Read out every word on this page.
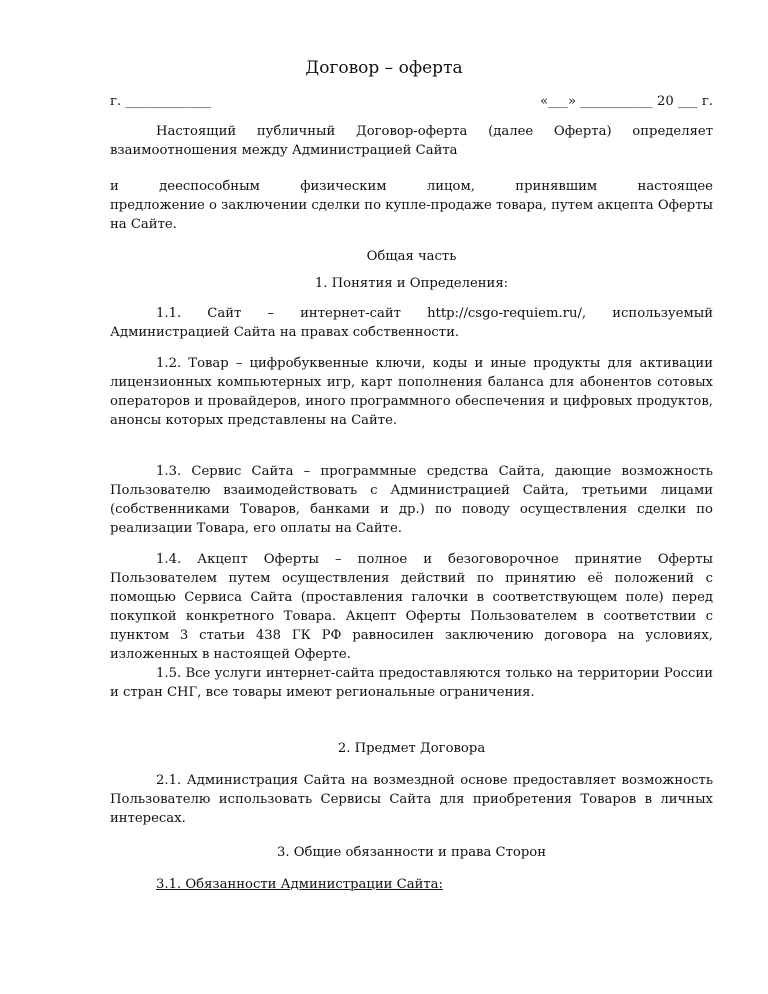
Договор – оферта
г. _____________	«___» ___________ 20 ___ г.

Настоящий публичный Договор-оферта (далее Оферта) определяет взаимоотношения между Администрацией Сайта

и дееспособным физическим лицом, принявшим настоящее

предложение о заключении сделки по купле-продаже товара, путем акцепта Оферты на Сайте.

Общая часть

1. Понятия и Определения:

1.1. Сайт – интернет-сайт http://csgo-requiem.ru/, используемый Администрацией Сайта на правах собственности.

1.2. Товар – цифробуквенные ключи, коды и иные продукты для активации лицензионных компьютерных игр, карт пополнения баланса для абонентов сотовых операторов и провайдеров, иного программного обеспечения и цифровых продуктов, анонсы которых представлены на Сайте.

1.3. Сервис Сайта – программные средства Сайта, дающие возможность Пользователю взаимодействовать с Администрацией Сайта, третьими лицами (собственниками Товаров, банками и др.) по поводу осуществления сделки по реализации Товара, его оплаты на Сайте.

1.4. Акцепт Оферты – полное и безоговорочное принятие Оферты Пользователем путем осуществления действий по принятию её положений с помощью Сервиса Сайта (проставления галочки в соответствующем поле) перед покупкой конкретного Товара. Акцепт Оферты Пользователем в соответствии с пунктом 3 статьи 438 ГК РФ равносилен заключению договора на условиях, изложенных в настоящей Оферте.

1.5. Все услуги интернет-сайта предоставляются только на территории России и стран СНГ, все товары имеют региональные ограничения.

2. Предмет Договора

2.1. Администрация Сайта на возмездной основе предоставляет возможность Пользователю использовать Сервисы Сайта для приобретения Товаров в личных интересах.

3. Общие обязанности и права Сторон

3.1. Обязанности Администрации Сайта:
